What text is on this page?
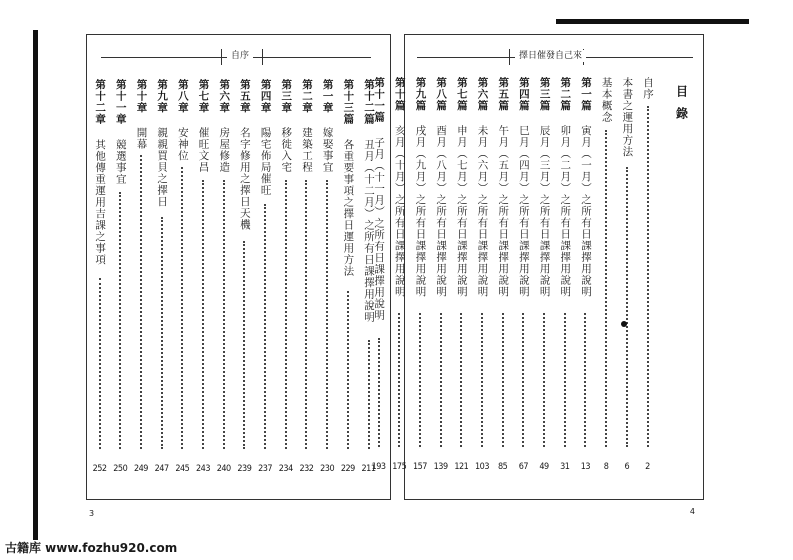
自序
第十二篇
丑月（十二月）之所有日課擇用說明
211
第十三篇
各重要事項之擇日運用方法
229
第一章
嫁娶事宜
230
第二章
建築工程
232
第三章
移徙入宅
234
第四章
陽宅佈局催旺
237
第五章
名字修用之擇日天機
239
第六章
房屋修造
240
第七章
催旺文昌
243
第八章
安神位
245
第九章
親親買貝之擇日
247
第十章
開幕
249
第十一章
競選事宜
250
第十二章
其他傳重運用吉課之事項
252
3
擇日催發自己來
目錄
自序
2
本書之運用方法
6
基本概念
8
第一篇
寅月（一月）之所有日課擇用說明
13
第二篇
卯月（二月）之所有日課擇用說明
31
第三篇
辰月（三月）之所有日課擇用說明
49
第四篇
巳月（四月）之所有日課擇用說明
67
第五篇
午月（五月）之所有日課擇用說明
85
第六篇
未月（六月）之所有日課擇用說明
103
第七篇
申月（七月）之所有日課擇用說明
121
第八篇
酉月（八月）之所有日課擇用說明
139
第九篇
戌月（九月）之所有日課擇用說明
157
第十篇
亥月（十月）之所有日課擇用說明
175
第十一篇
子月（十一月）之所有日課擇用說明
193
4
古籍库 www.fozhu920.com
